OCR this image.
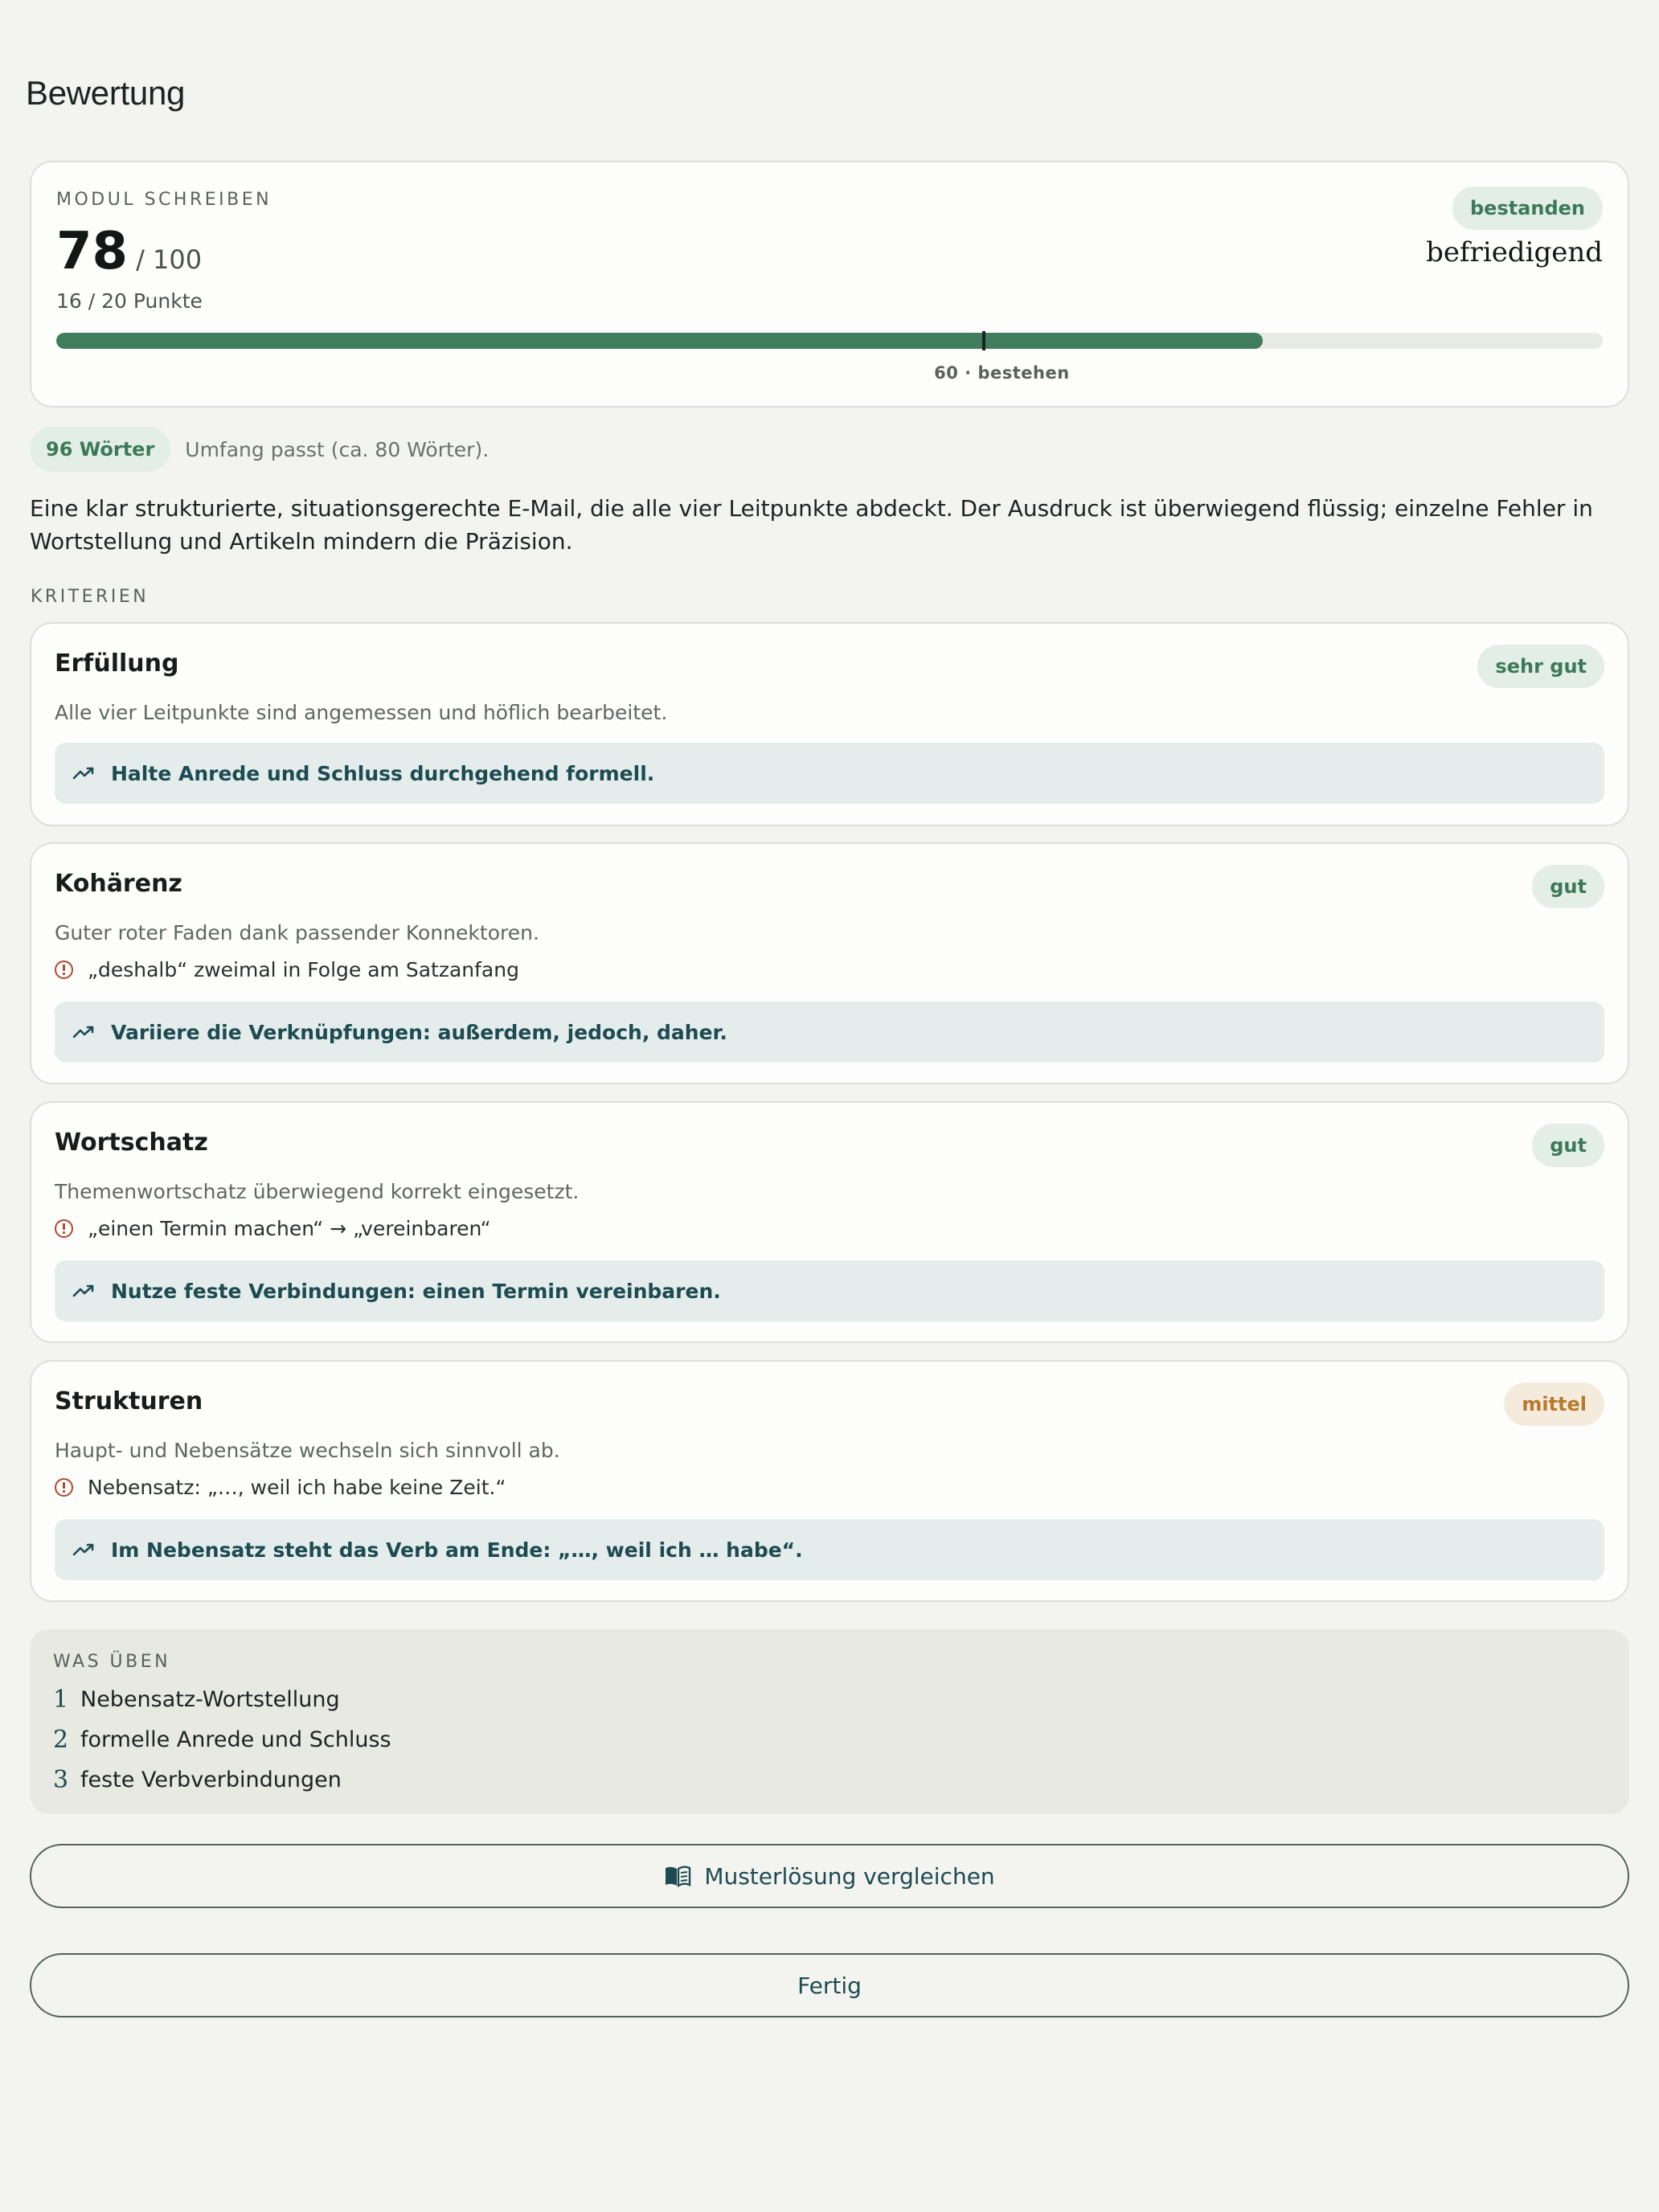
Bewertung
MODUL SCHREIBEN
78 / 100
16 / 20 Punkte
bestanden
befriedigend
60 · bestehen
96 Wörter	Umfang passt (ca. 80 Wörter).
Eine klar strukturierte, situationsgerechte E-Mail, die alle vier Leitpunkte abdeckt. Der Ausdruck ist überwiegend flüssig; einzelne Fehler in Wortstellung und Artikeln mindern die Präzision.
KRITERIEN
Erfüllung	sehr gut
Alle vier Leitpunkte sind angemessen und höflich bearbeitet.
Halte Anrede und Schluss durchgehend formell.
Kohärenz	gut
Guter roter Faden dank passender Konnektoren.
„deshalb“ zweimal in Folge am Satzanfang
Variiere die Verknüpfungen: außerdem, jedoch, daher.
Wortschatz	gut
Themenwortschatz überwiegend korrekt eingesetzt.
„einen Termin machen“ → „vereinbaren“
Nutze feste Verbindungen: einen Termin vereinbaren.
Strukturen	mittel
Haupt- und Nebensätze wechseln sich sinnvoll ab.
Nebensatz: „…, weil ich habe keine Zeit.“
Im Nebensatz steht das Verb am Ende: „…, weil ich … habe“.
WAS ÜBEN
1 Nebensatz-Wortstellung
2 formelle Anrede und Schluss
3 feste Verbverbindungen
Musterlösung vergleichen
Fertig
